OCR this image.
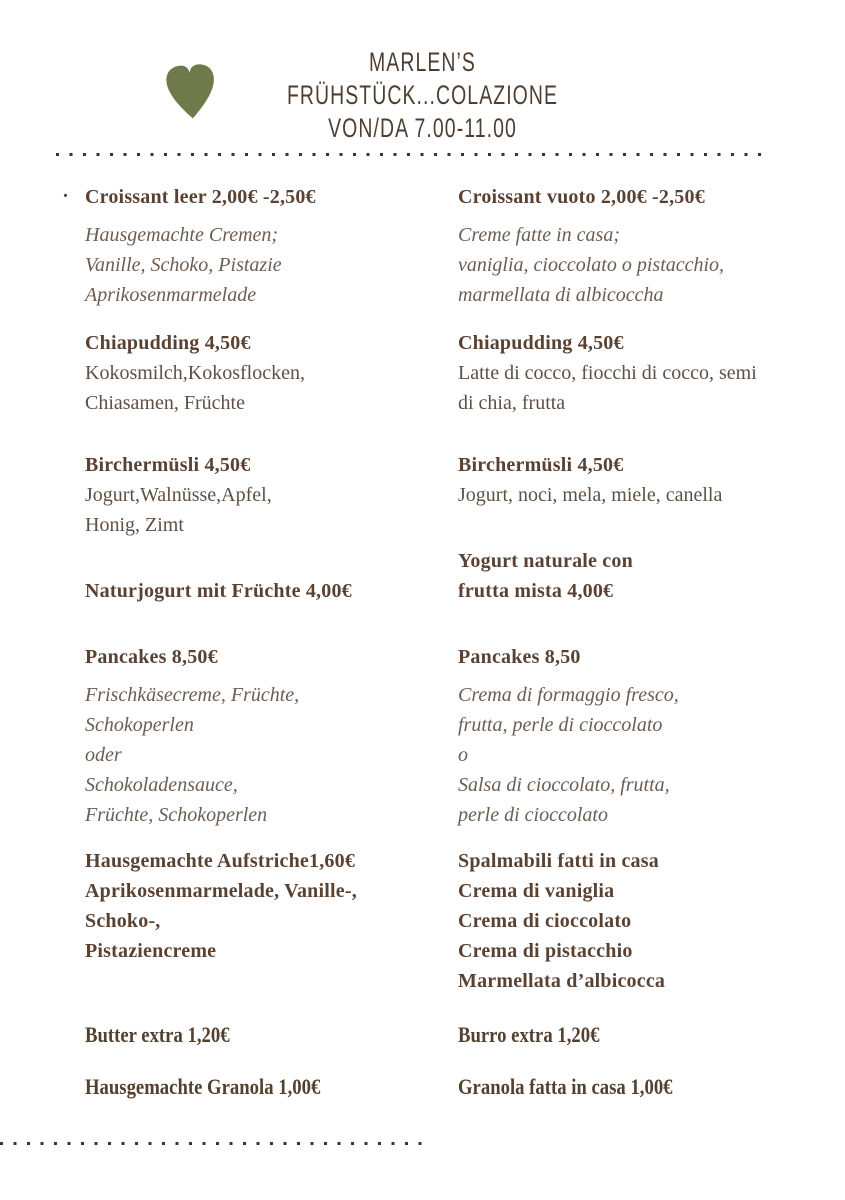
MARLEN’S
FRÜHSTÜCK...COLAZIONE
VON/DA 7.00-11.00
. Croissant leer 2,00€ -2,50€
Hausgemachte Cremen;
Vanille, Schoko, Pistazie
Aprikosenmarmelade
Croissant vuoto 2,00€ -2,50€
Creme fatte in casa;
vaniglia, cioccolato o pistacchio,
marmellata di albicoccha
Chiapudding 4,50€
Kokosmilch,Kokosflocken,
Chiasamen, Früchte
Chiapudding 4,50€
Latte di cocco, fiocchi di cocco, semi
di chia, frutta
Birchermüsli 4,50€
Jogurt,Walnüsse,Apfel,
Honig, Zimt
Birchermüsli 4,50€
Jogurt, noci, mela, miele, canella
Naturjogurt mit Früchte 4,00€
Yogurt naturale con
frutta mista 4,00€
Pancakes 8,50€
Frischkäsecreme, Früchte,
Schokoperlen
oder
Schokoladensauce,
Früchte, Schokoperlen
Pancakes 8,50
Crema di formaggio fresco,
frutta, perle di cioccolato
o
Salsa di cioccolato, frutta,
perle di cioccolato
Hausgemachte Aufstriche1,60€
Aprikosenmarmelade, Vanille-,
Schoko-,
Pistaziencreme
Spalmabili fatti in casa
Crema di vaniglia
Crema di cioccolato
Crema di pistacchio
Marmellata d’albicocca
Butter extra 1,20€	Burro extra 1,20€
Hausgemachte Granola 1,00€	Granola fatta in casa 1,00€
